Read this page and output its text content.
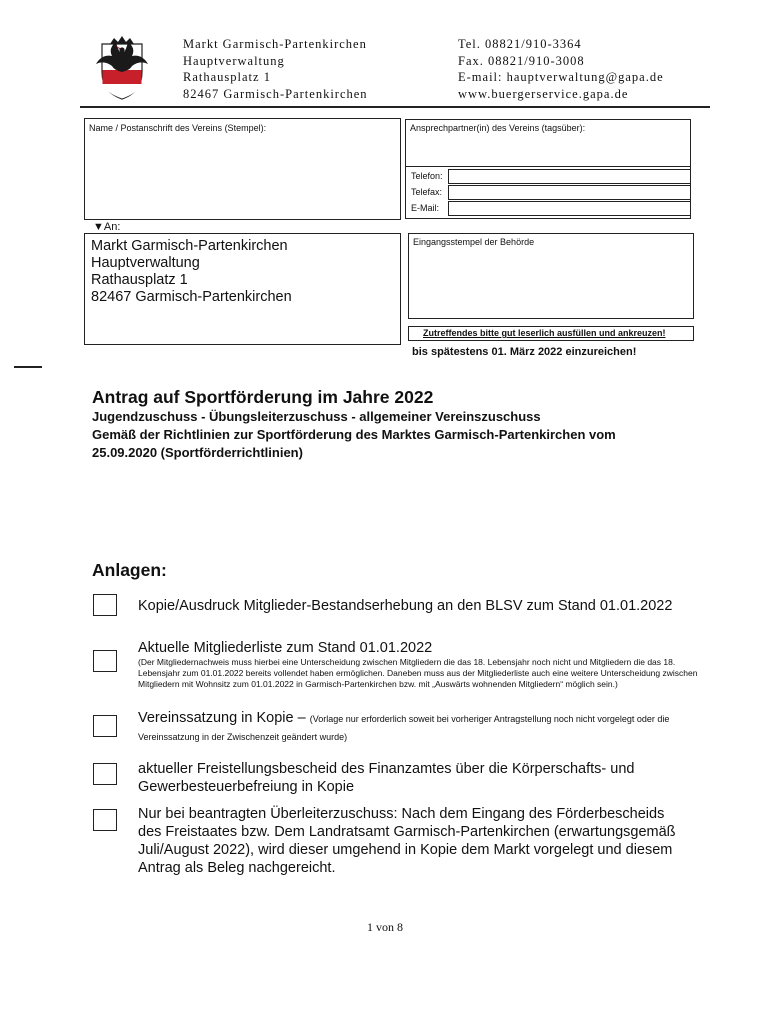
Markt Garmisch-Partenkirchen
Hauptverwaltung
Rathausplatz 1
82467 Garmisch-Partenkirchen
Tel. 08821/910-3364
Fax. 08821/910-3008
E-mail: hauptverwaltung@gapa.de
www.buergerservice.gapa.de
Name / Postanschrift des Vereins (Stempel):	Ansprechpartner(in) des Vereins (tagsüber):
Telefon:
Telefax:
E-Mail:
▼An:
Markt Garmisch-Partenkirchen
Hauptverwaltung
Rathausplatz 1
82467 Garmisch-Partenkirchen
Eingangsstempel der Behörde
Zutreffendes bitte gut leserlich ausfüllen und ankreuzen!
bis spätestens 01. März 2022 einzureichen!
Antrag auf Sportförderung im Jahre 2022
Jugendzuschuss - Übungsleiterzuschuss - allgemeiner Vereinszuschuss
Gemäß der Richtlinien zur Sportförderung des Marktes Garmisch-Partenkirchen vom
25.09.2020 (Sportförderrichtlinien)
Anlagen:
Kopie/Ausdruck Mitglieder-Bestandserhebung an den BLSV zum Stand 01.01.2022
Aktuelle Mitgliederliste zum Stand 01.01.2022
(Der Mitgliedernachweis muss hierbei eine Unterscheidung zwischen Mitgliedern die das 18. Lebensjahr noch nicht und Mitgliedern die das 18. Lebensjahr zum 01.01.2022 bereits vollendet haben ermöglichen. Daneben muss aus der Mitgliederliste auch eine weitere Unterscheidung zwischen Mitgliedern mit Wohnsitz zum 01.01.2022 in Garmisch-Partenkirchen bzw. mit „Auswärts wohnenden Mitgliedern“ möglich sein.)
Vereinssatzung in Kopie – (Vorlage nur erforderlich soweit bei vorheriger Antragstellung noch nicht vorgelegt oder die Vereinssatzung in der Zwischenzeit geändert wurde)
aktueller Freistellungsbescheid des Finanzamtes über die Körperschafts- und Gewerbesteuerbefreiung in Kopie
Nur bei beantragten Überleiterzuschuss: Nach dem Eingang des Förderbescheids des Freistaates bzw. Dem Landratsamt Garmisch-Partenkirchen (erwartungsgemäß Juli/August 2022), wird dieser umgehend in Kopie dem Markt vorgelegt und diesem Antrag als Beleg nachgereicht.
1 von 8
